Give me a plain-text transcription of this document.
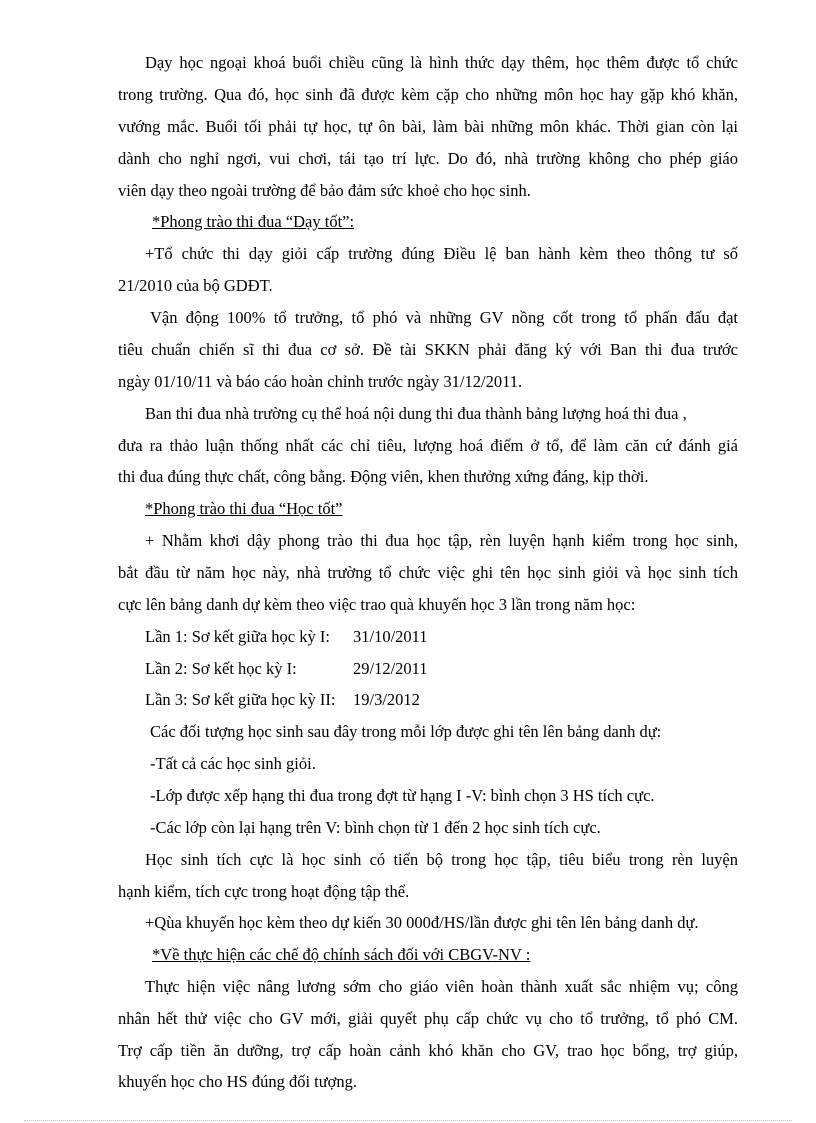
Dạy học ngoại khoá buổi chiều cũng là hình thức dạy thêm, học thêm được tổ chức
trong trường. Qua đó, học sinh đã được kèm cặp cho những môn học hay gặp khó khăn,
vướng mắc. Buổi tối phải tự học, tự ôn bài, làm bài những môn khác. Thời gian còn lại
dành cho nghỉ ngơi, vui chơi, tái tạo trí lực. Do đó, nhà trường không cho phép giáo
viên dạy theo ngoài trường để bảo đảm sức khoẻ cho học sinh.
*Phong trào thi đua “Dạy tốt”:
+Tổ chức thi dạy giỏi cấp trường đúng Điều lệ ban hành kèm theo thông tư số
21/2010 của bộ GDĐT.
Vận động 100% tổ trưởng, tổ phó và những GV nồng cốt trong tổ phấn đấu đạt
tiêu chuẩn chiến sĩ thi đua cơ sở. Đề tài SKKN phải đăng ký với Ban thi đua trước
ngày 01/10/11 và báo cáo hoàn chỉnh trước ngày 31/12/2011.
Ban thi đua nhà trường cụ thể hoá nội dung thi đua thành bảng lượng hoá thi đua ,
đưa ra thảo luận thống nhất các chỉ tiêu, lượng hoá điểm ở tổ, để làm căn cứ đánh giá
thi đua đúng thực chất, công bằng. Động viên, khen thưởng xứng đáng, kịp thời.
*Phong trào thi đua “Học tốt”
+ Nhằm khơi dậy phong trào thi đua học tập, rèn luyện hạnh kiểm trong học sinh,
bắt đầu từ năm học này, nhà trường tổ chức việc ghi tên học sinh giỏi và học sinh tích
cực lên bảng danh dự kèm theo việc trao quà khuyến học 3 lần trong năm học:
Lần 1: Sơ kết giữa học kỳ I: 31/10/2011
Lần 2: Sơ kết học kỳ I:	29/12/2011
Lần 3: Sơ kết giữa học kỳ II: 19/3/2012
Các đối tượng học sinh sau đây trong mỗi lớp được ghi tên lên bảng danh dự:
-Tất cả các học sinh giỏi.
-Lớp được xếp hạng thi đua trong đợt từ hạng I -V: bình chọn 3 HS tích cực.
-Các lớp còn lại hạng trên V: bình chọn từ 1 đến 2 học sinh tích cực.
Học sinh tích cực là học sinh có tiến bộ trong học tập, tiêu biểu trong rèn luyện
hạnh kiểm, tích cực trong hoạt động tập thể.
+Qùa khuyến học kèm theo dự kiến 30 000đ/HS/lần được ghi tên lên bảng danh dự.
*Về thực hiện các chế độ chính sách đối với CBGV-NV :
Thực hiện việc nâng lương sớm cho giáo viên hoàn thành xuất sắc nhiệm vụ; công
nhân hết thử việc cho GV mới, giải quyết phụ cấp chức vụ cho tổ trưởng, tổ phó CM.
Trợ cấp tiền ăn dưỡng, trợ cấp hoàn cảnh khó khăn cho GV, trao học bổng, trợ giúp,
khuyến học cho HS đúng đối tượng.
